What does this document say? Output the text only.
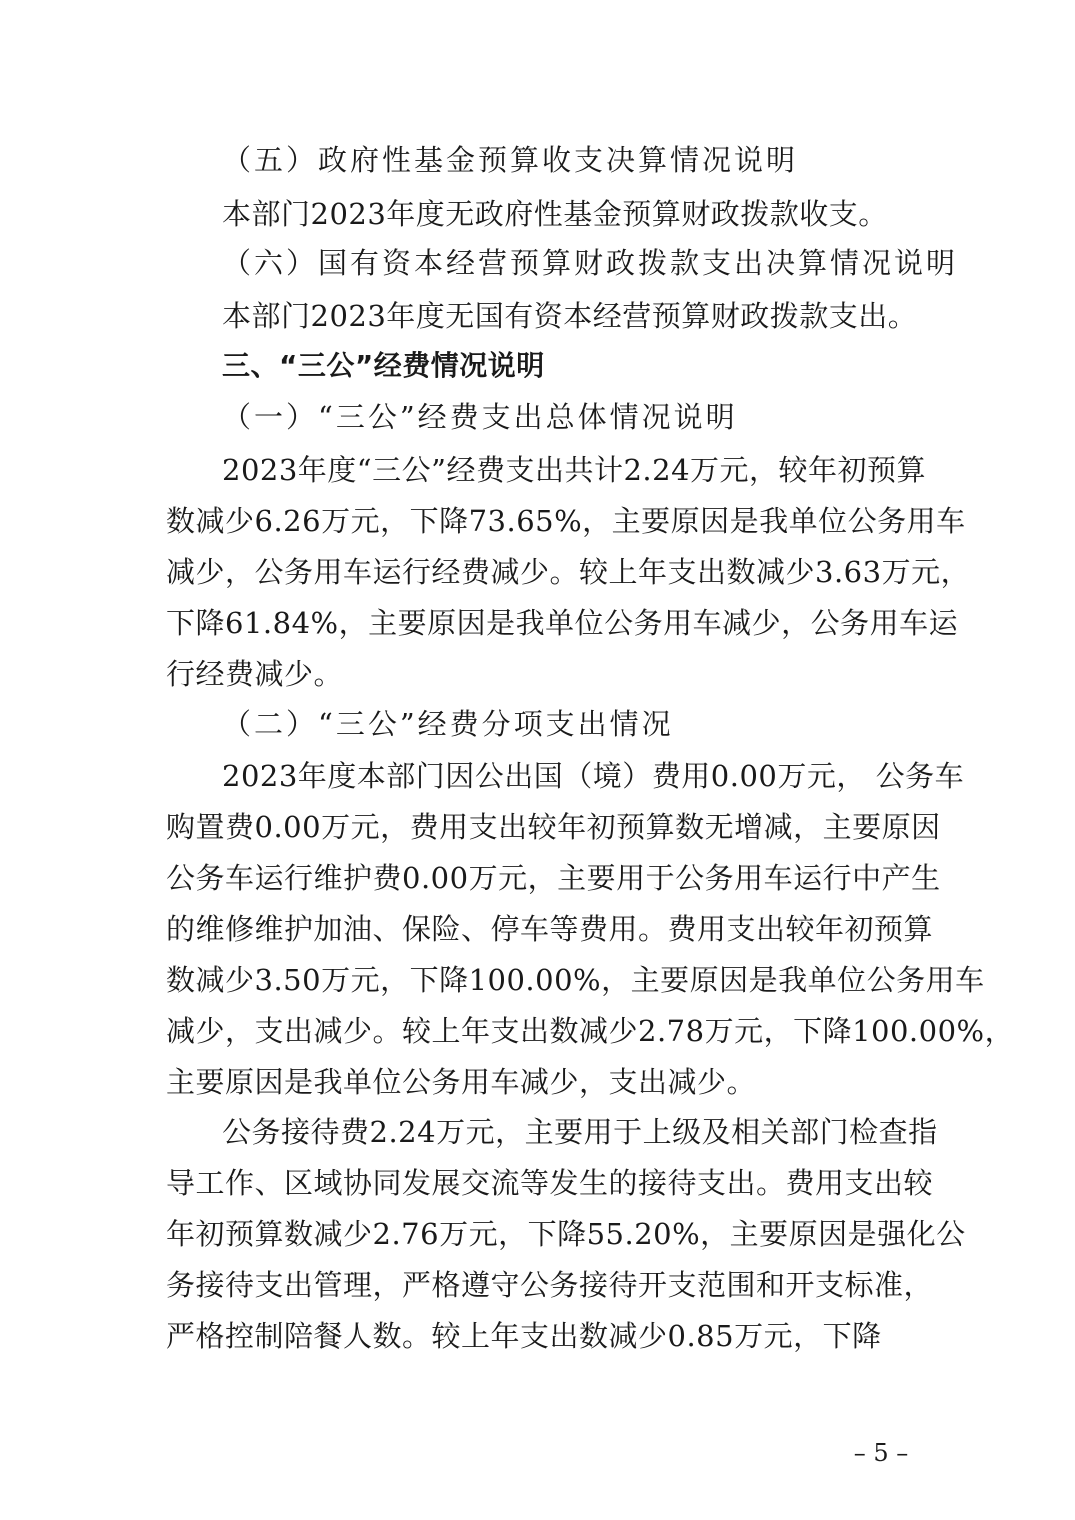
（五）政府性基金预算收支决算情况说明
本部门2023年度无政府性基金预算财政拨款收支。
（六）国有资本经营预算财政拨款支出决算情况说明
本部门2023年度无国有资本经营预算财政拨款支出。
三、“三公”经费情况说明
（一）“三公”经费支出总体情况说明
2023年度“三公”经费支出共计2.24万元，较年初预算
数减少6.26万元，下降73.65%，主要原因是我单位公务用车
减少，公务用车运行经费减少。较上年支出数减少3.63万元，
下降61.84%，主要原因是我单位公务用车减少，公务用车运
行经费减少。
（二）“三公”经费分项支出情况
2023年度本部门因公出国（境）费用0.00万元， 公务车
购置费0.00万元，费用支出较年初预算数无增减，主要原因
公务车运行维护费0.00万元，主要用于公务用车运行中产生
的维修维护加油、保险、停车等费用。费用支出较年初预算
数减少3.50万元，下降100.00%，主要原因是我单位公务用车
减少，支出减少。较上年支出数减少2.78万元，下降100.00%，
主要原因是我单位公务用车减少，支出减少。
公务接待费2.24万元，主要用于上级及相关部门检查指
导工作、区域协同发展交流等发生的接待支出。费用支出较
年初预算数减少2.76万元，下降55.20%，主要原因是强化公
务接待支出管理，严格遵守公务接待开支范围和开支标准，
严格控制陪餐人数。较上年支出数减少0.85万元，下降
– 5 –
